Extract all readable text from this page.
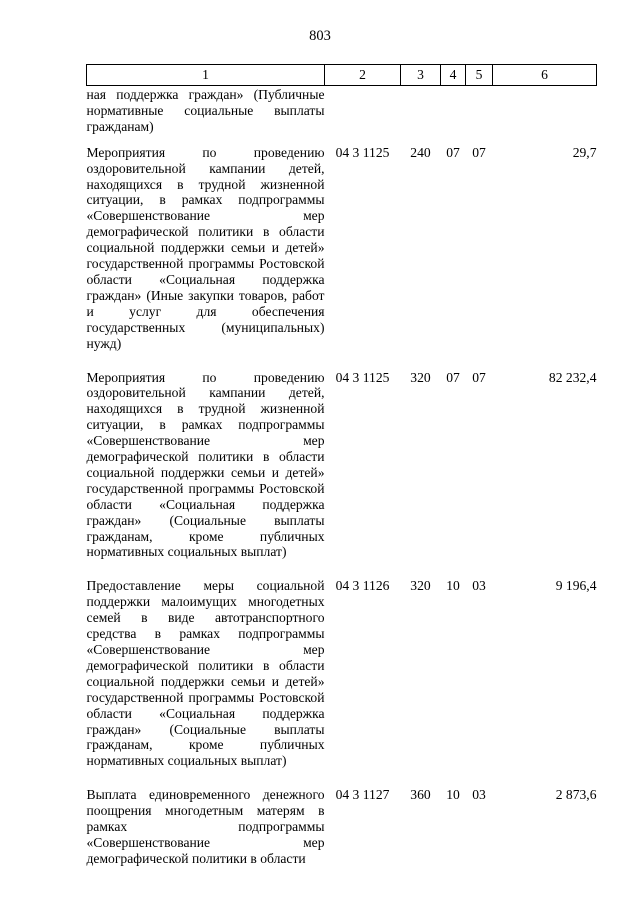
803
1	2	3	4	5	6
ная поддержка граждан» (Публичные нормативные социальные выплаты гражданам)					
Мероприятия по проведению оздоровительной кампании детей, находящихся в трудной жизненной ситуации, в рамках подпрограммы «Совершенствование мер демографической политики в области социальной поддержки семьи и детей» государственной программы Ростовской области «Социальная поддержка граждан» (Иные закупки товаров, работ и услуг для обеспечения государственных (муниципальных) нужд)	04 3 1125	240	07	07	29,7
Мероприятия по проведению оздоровительной кампании детей, находящихся в трудной жизненной ситуации, в рамках подпрограммы «Совершенствование мер демографической политики в области социальной поддержки семьи и детей» государственной программы Ростовской области «Социальная поддержка граждан» (Социальные выплаты гражданам, кроме публичных нормативных социальных выплат)	04 3 1125	320	07	07	82 232,4
Предоставление меры социальной поддержки малоимущих многодетных семей в виде автотранспортного средства в рамках подпрограммы «Совершенствование мер демографической политики в области социальной поддержки семьи и детей» государственной программы Ростовской области «Социальная поддержка граждан» (Социальные выплаты гражданам, кроме публичных нормативных социальных выплат)	04 3 1126	320	10	03	9 196,4
Выплата единовременного денежного поощрения многодетным матерям в рамках подпрограммы «Совершенствование мер демографической политики в области	04 3 1127	360	10	03	2 873,6
